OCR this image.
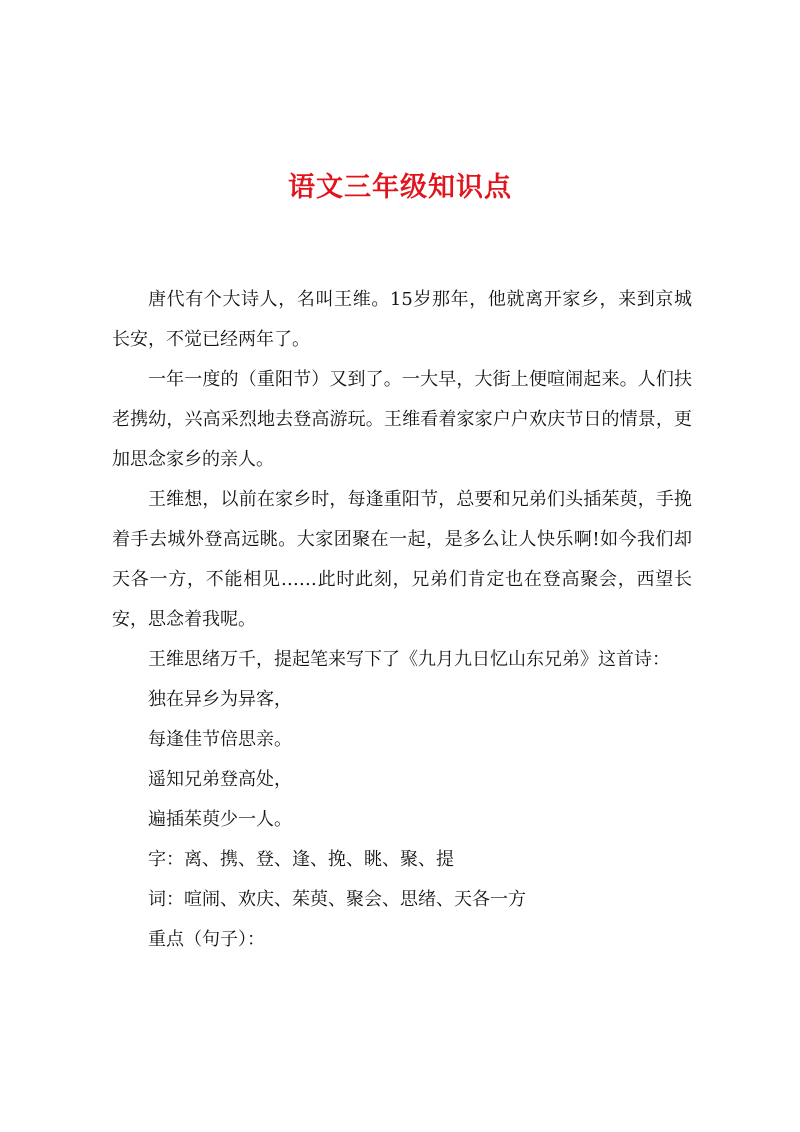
语文三年级知识点

唐代有个大诗人，名叫王维。15岁那年，他就离开家乡，来到京城长安，不觉已经两年了。

一年一度的（重阳节）又到了。一大早，大街上便喧闹起来。人们扶老携幼，兴高采烈地去登高游玩。王维看着家家户户欢庆节日的情景，更加思念家乡的亲人。

王维想，以前在家乡时，每逢重阳节，总要和兄弟们头插茱萸，手挽着手去城外登高远眺。大家团聚在一起，是多么让人快乐啊!如今我们却天各一方，不能相见……此时此刻，兄弟们肯定也在登高聚会，西望长安，思念着我呢。

王维思绪万千，提起笔来写下了《九月九日忆山东兄弟》这首诗：

独在异乡为异客，

每逢佳节倍思亲。

遥知兄弟登高处，

遍插茱萸少一人。

字：离、携、登、逢、挽、眺、聚、提

词：喧闹、欢庆、茱萸、聚会、思绪、天各一方

重点（句子）：
